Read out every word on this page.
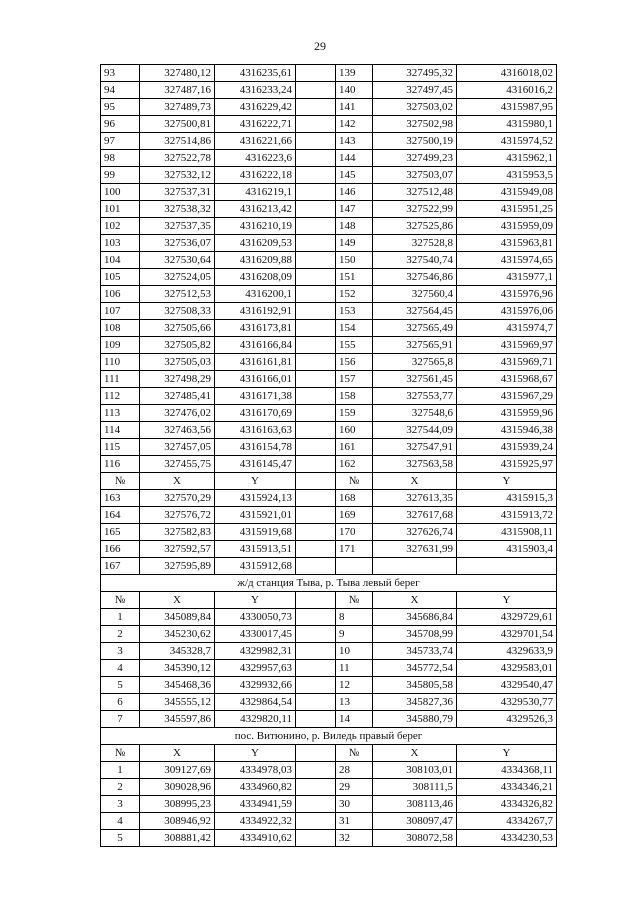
29
93	327480,12	4316235,61		139	327495,32	4316018,02
94	327487,16	4316233,24		140	327497,45	4316016,2
95	327489,73	4316229,42		141	327503,02	4315987,95
96	327500,81	4316222,71		142	327502,98	4315980,1
97	327514,86	4316221,66		143	327500,19	4315974,52
98	327522,78	4316223,6		144	327499,23	4315962,1
99	327532,12	4316222,18		145	327503,07	4315953,5
100	327537,31	4316219,1		146	327512,48	4315949,08
101	327538,32	4316213,42		147	327522,99	4315951,25
102	327537,35	4316210,19		148	327525,86	4315959,09
103	327536,07	4316209,53		149	327528,8	4315963,81
104	327530,64	4316209,88		150	327540,74	4315974,65
105	327524,05	4316208,09		151	327546,86	4315977,1
106	327512,53	4316200,1		152	327560,4	4315976,96
107	327508,33	4316192,91		153	327564,45	4315976,06
108	327505,66	4316173,81		154	327565,49	4315974,7
109	327505,82	4316166,84		155	327565,91	4315969,97
110	327505,03	4316161,81		156	327565,8	4315969,71
111	327498,29	4316166,01		157	327561,45	4315968,67
112	327485,41	4316171,38		158	327553,77	4315967,29
113	327476,02	4316170,69		159	327548,6	4315959,96
114	327463,56	4316163,63		160	327544,09	4315946,38
115	327457,05	4316154,78		161	327547,91	4315939,24
116	327455,75	4316145,47		162	327563,58	4315925,97
№	X	Y		№	X	Y
163	327570,29	4315924,13		168	327613,35	4315915,3
164	327576,72	4315921,01		169	327617,68	4315913,72
165	327582,83	4315919,68		170	327626,74	4315908,11
166	327592,57	4315913,51		171	327631,99	4315903,4
167	327595,89	4315912,68				
ж/д станция Тыва, р. Тыва левый берег						
№	X	Y		№	X	Y
1	345089,84	4330050,73		8	345686,84	4329729,61
2	345230,62	4330017,45		9	345708,99	4329701,54
3	345328,7	4329982,31		10	345733,74	4329633,9
4	345390,12	4329957,63		11	345772,54	4329583,01
5	345468,36	4329932,66		12	345805,58	4329540,47
6	345555,12	4329864,54		13	345827,36	4329530,77
7	345597,86	4329820,11		14	345880,79	4329526,3
пос. Витюнино, р. Виледь правый берег						
№	X	Y		№	X	Y
1	309127,69	4334978,03		28	308103,01	4334368,11
2	309028,96	4334960,82		29	308111,5	4334346,21
3	308995,23	4334941,59		30	308113,46	4334326,82
4	308946,92	4334922,32		31	308097,47	4334267,7
5	308881,42	4334910,62		32	308072,58	4334230,53
